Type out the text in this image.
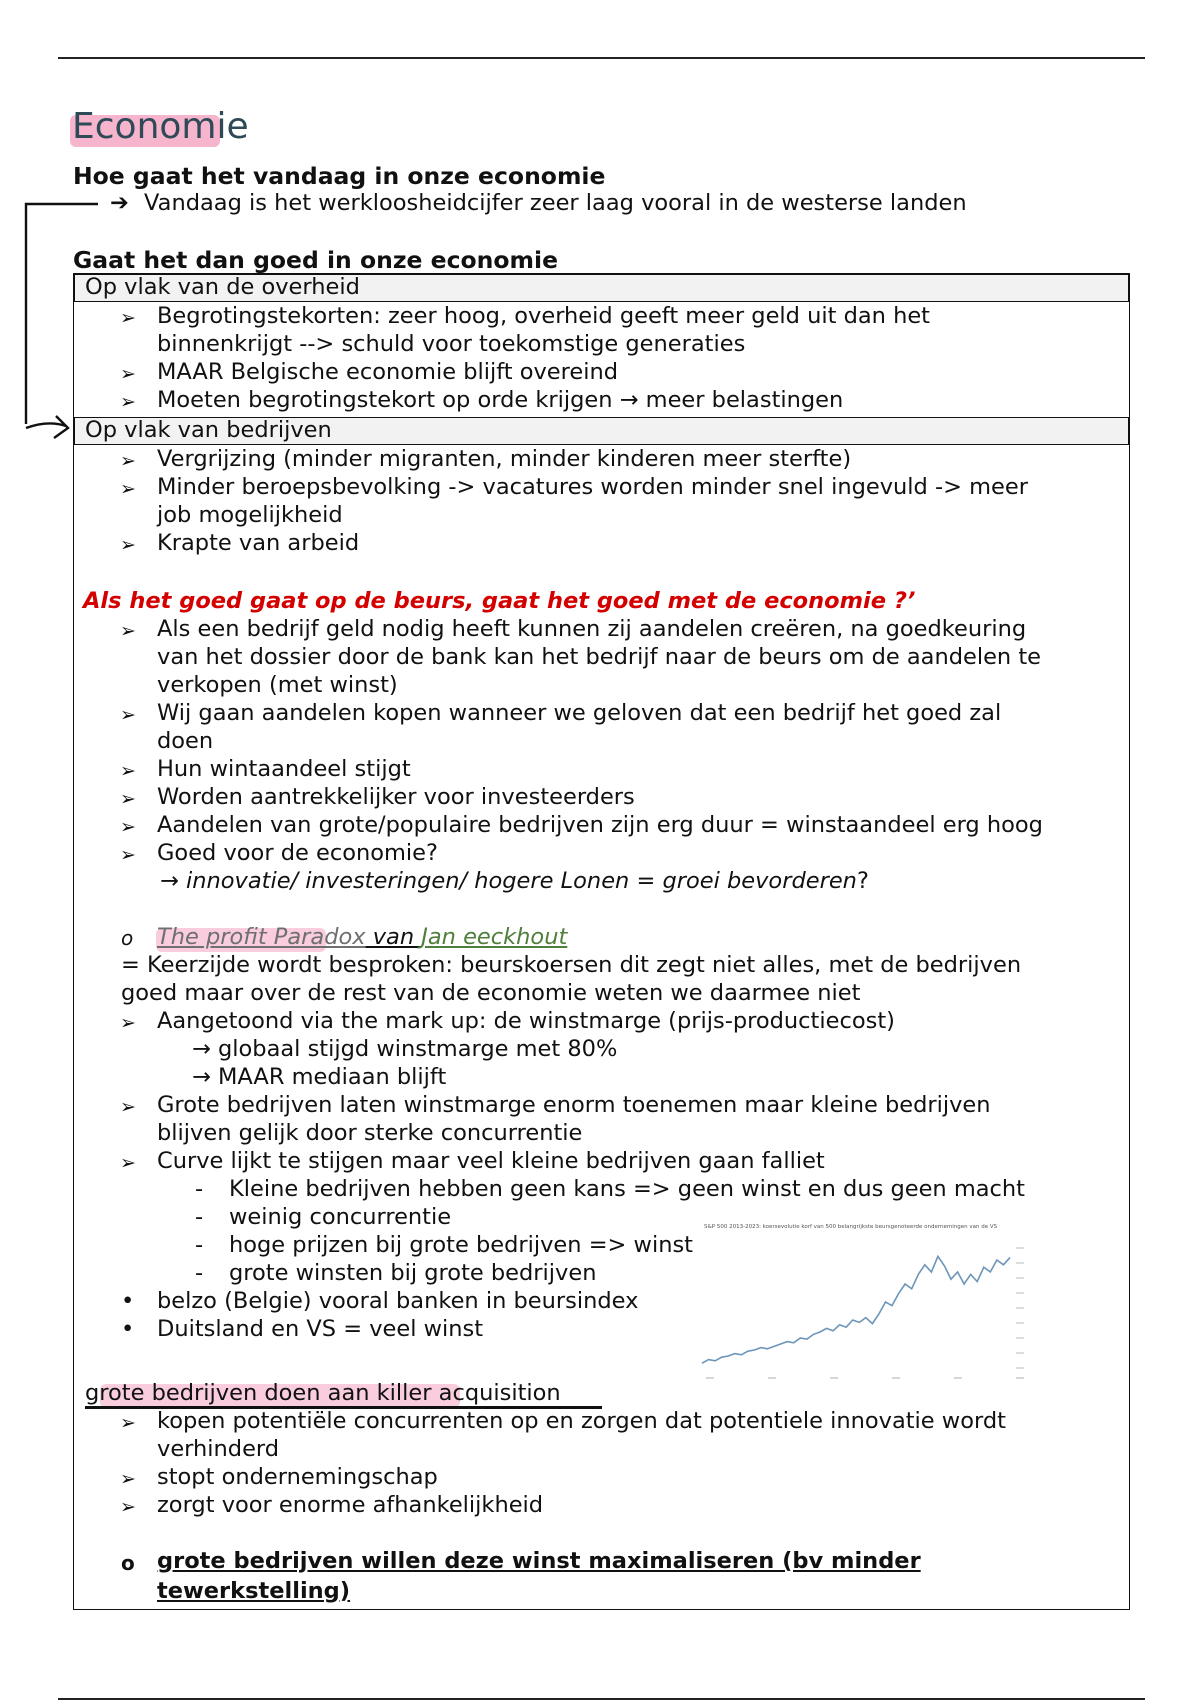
Economie
Hoe gaat het vandaag in onze economie
➔ Vandaag is het werkloosheidcijfer zeer laag vooral in de westerse landen
Gaat het dan goed in onze economie
Op vlak van de overheid
➢ Begrotingstekorten: zeer hoog, overheid geeft meer geld uit dan het
binnenkrijgt --> schuld voor toekomstige generaties
➢ MAAR Belgische economie blijft overeind
➢ Moeten begrotingstekort op orde krijgen → meer belastingen
Op vlak van bedrijven
➢ Vergrijzing (minder migranten, minder kinderen meer sterfte)
➢ Minder beroepsbevolking -> vacatures worden minder snel ingevuld -> meer
job mogelijkheid
➢ Krapte van arbeid
Als het goed gaat op de beurs, gaat het goed met de economie ?’
➢ Als een bedrijf geld nodig heeft kunnen zij aandelen creëren, na goedkeuring
van het dossier door de bank kan het bedrijf naar de beurs om de aandelen te
verkopen (met winst)
➢ Wij gaan aandelen kopen wanneer we geloven dat een bedrijf het goed zal
doen
➢ Hun wintaandeel stijgt
➢ Worden aantrekkelijker voor investeerders
➢ Aandelen van grote/populaire bedrijven zijn erg duur = winstaandeel erg hoog
➢ Goed voor de economie?
→ innovatie/ investeringen/ hogere Lonen = groei bevorderen?
o The profit Paradox van Jan eeckhout
= Keerzijde wordt besproken: beurskoersen dit zegt niet alles, met de bedrijven
goed maar over de rest van de economie weten we daarmee niet
➢ Aangetoond via the mark up: de winstmarge (prijs-productiecost)
→ globaal stijgd winstmarge met 80%
→ MAAR mediaan blijft
➢ Grote bedrijven laten winstmarge enorm toenemen maar kleine bedrijven
blijven gelijk door sterke concurrentie
➢ Curve lijkt te stijgen maar veel kleine bedrijven gaan falliet
- Kleine bedrijven hebben geen kans => geen winst en dus geen macht
- weinig concurrentie
- hoge prijzen bij grote bedrijven => winst
- grote winsten bij grote bedrijven
• belzo (Belgie) vooral banken in beursindex
• Duitsland en VS = veel winst
S&P 500 2013-2023: koersevolutie korf van 500 belangrijkste beursgenoteerde ondernemingen van de VS
grote bedrijven doen aan killer acquisition
➢ kopen potentiële concurrenten op en zorgen dat potentiele innovatie wordt
verhinderd
➢ stopt ondernemingschap
➢ zorgt voor enorme afhankelijkheid
o grote bedrijven willen deze winst maximaliseren (bv minder
tewerkstelling)
